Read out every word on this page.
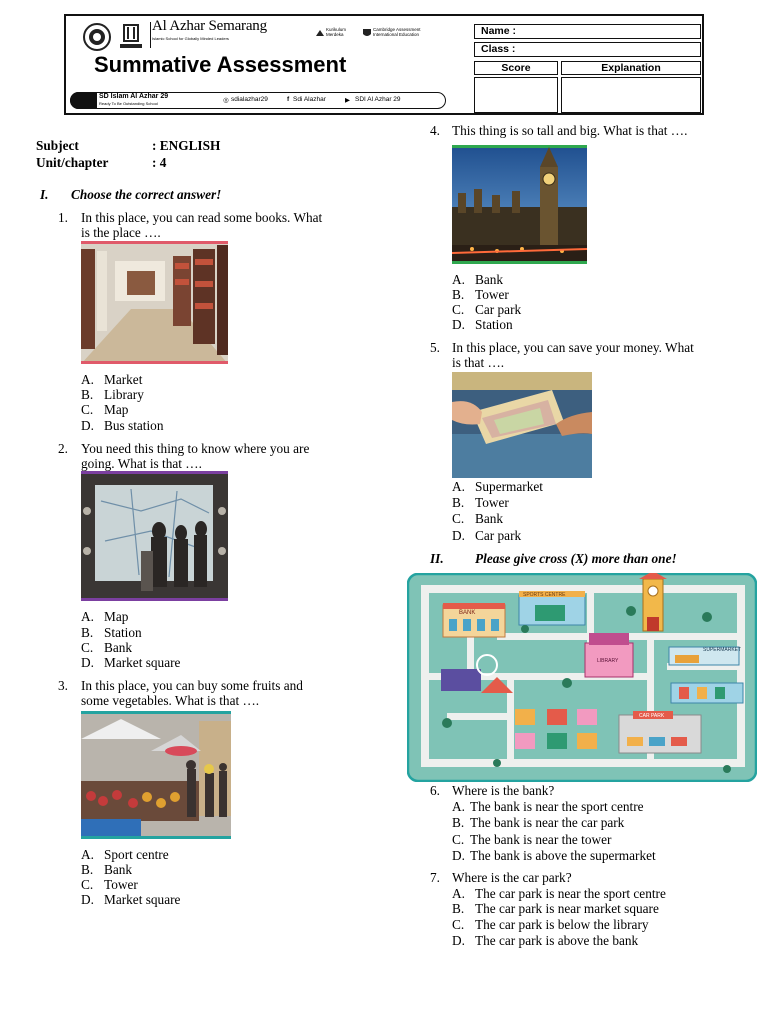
Al Azhar Semarang
Islamic School for Globally Minded Leaders
Kurikulum Merdeka
Cambridge Assessment International Education
Summative Assessment
SD Islam Al Azhar 29
Ready To Be Outstanding School	◎ sdialazhar29	f Sdi Alazhar	▶ SDI Al Azhar 29
Name :
Class :
Score	Explanation
Subject	: ENGLISH
Unit/chapter	: 4
I. Choose the correct answer!
1. In this place, you can read some books. What
is the place ….
A. Market
B. Library
C. Map
D. Bus station
2. You need this thing to know where you are
going. What is that ….
A. Map
B. Station
C. Bank
D. Market square
3. In this place, you can buy some fruits and
some vegetables. What is that ….
A. Sport centre
B. Bank
C. Tower
D. Market square
4. This thing is so tall and big. What is that ….
A. Bank
B. Tower
C. Car park
D. Station
5. In this place, you can save your money. What
is that ….
A. Supermarket
B. Tower
C. Bank
D. Car park
II. Please give cross (X) more than one!
BANK
SPORTS CENTRE
LIBRARY
SUPERMARKET
CAR PARK
6. Where is the bank?
A. The bank is near the sport centre
B. The bank is near the car park
C. The bank is near the tower
D. The bank is above the supermarket
7. Where is the car park?
A. The car park is near the sport centre
B. The car park is near market square
C. The car park is below the library
D. The car park is above the bank
